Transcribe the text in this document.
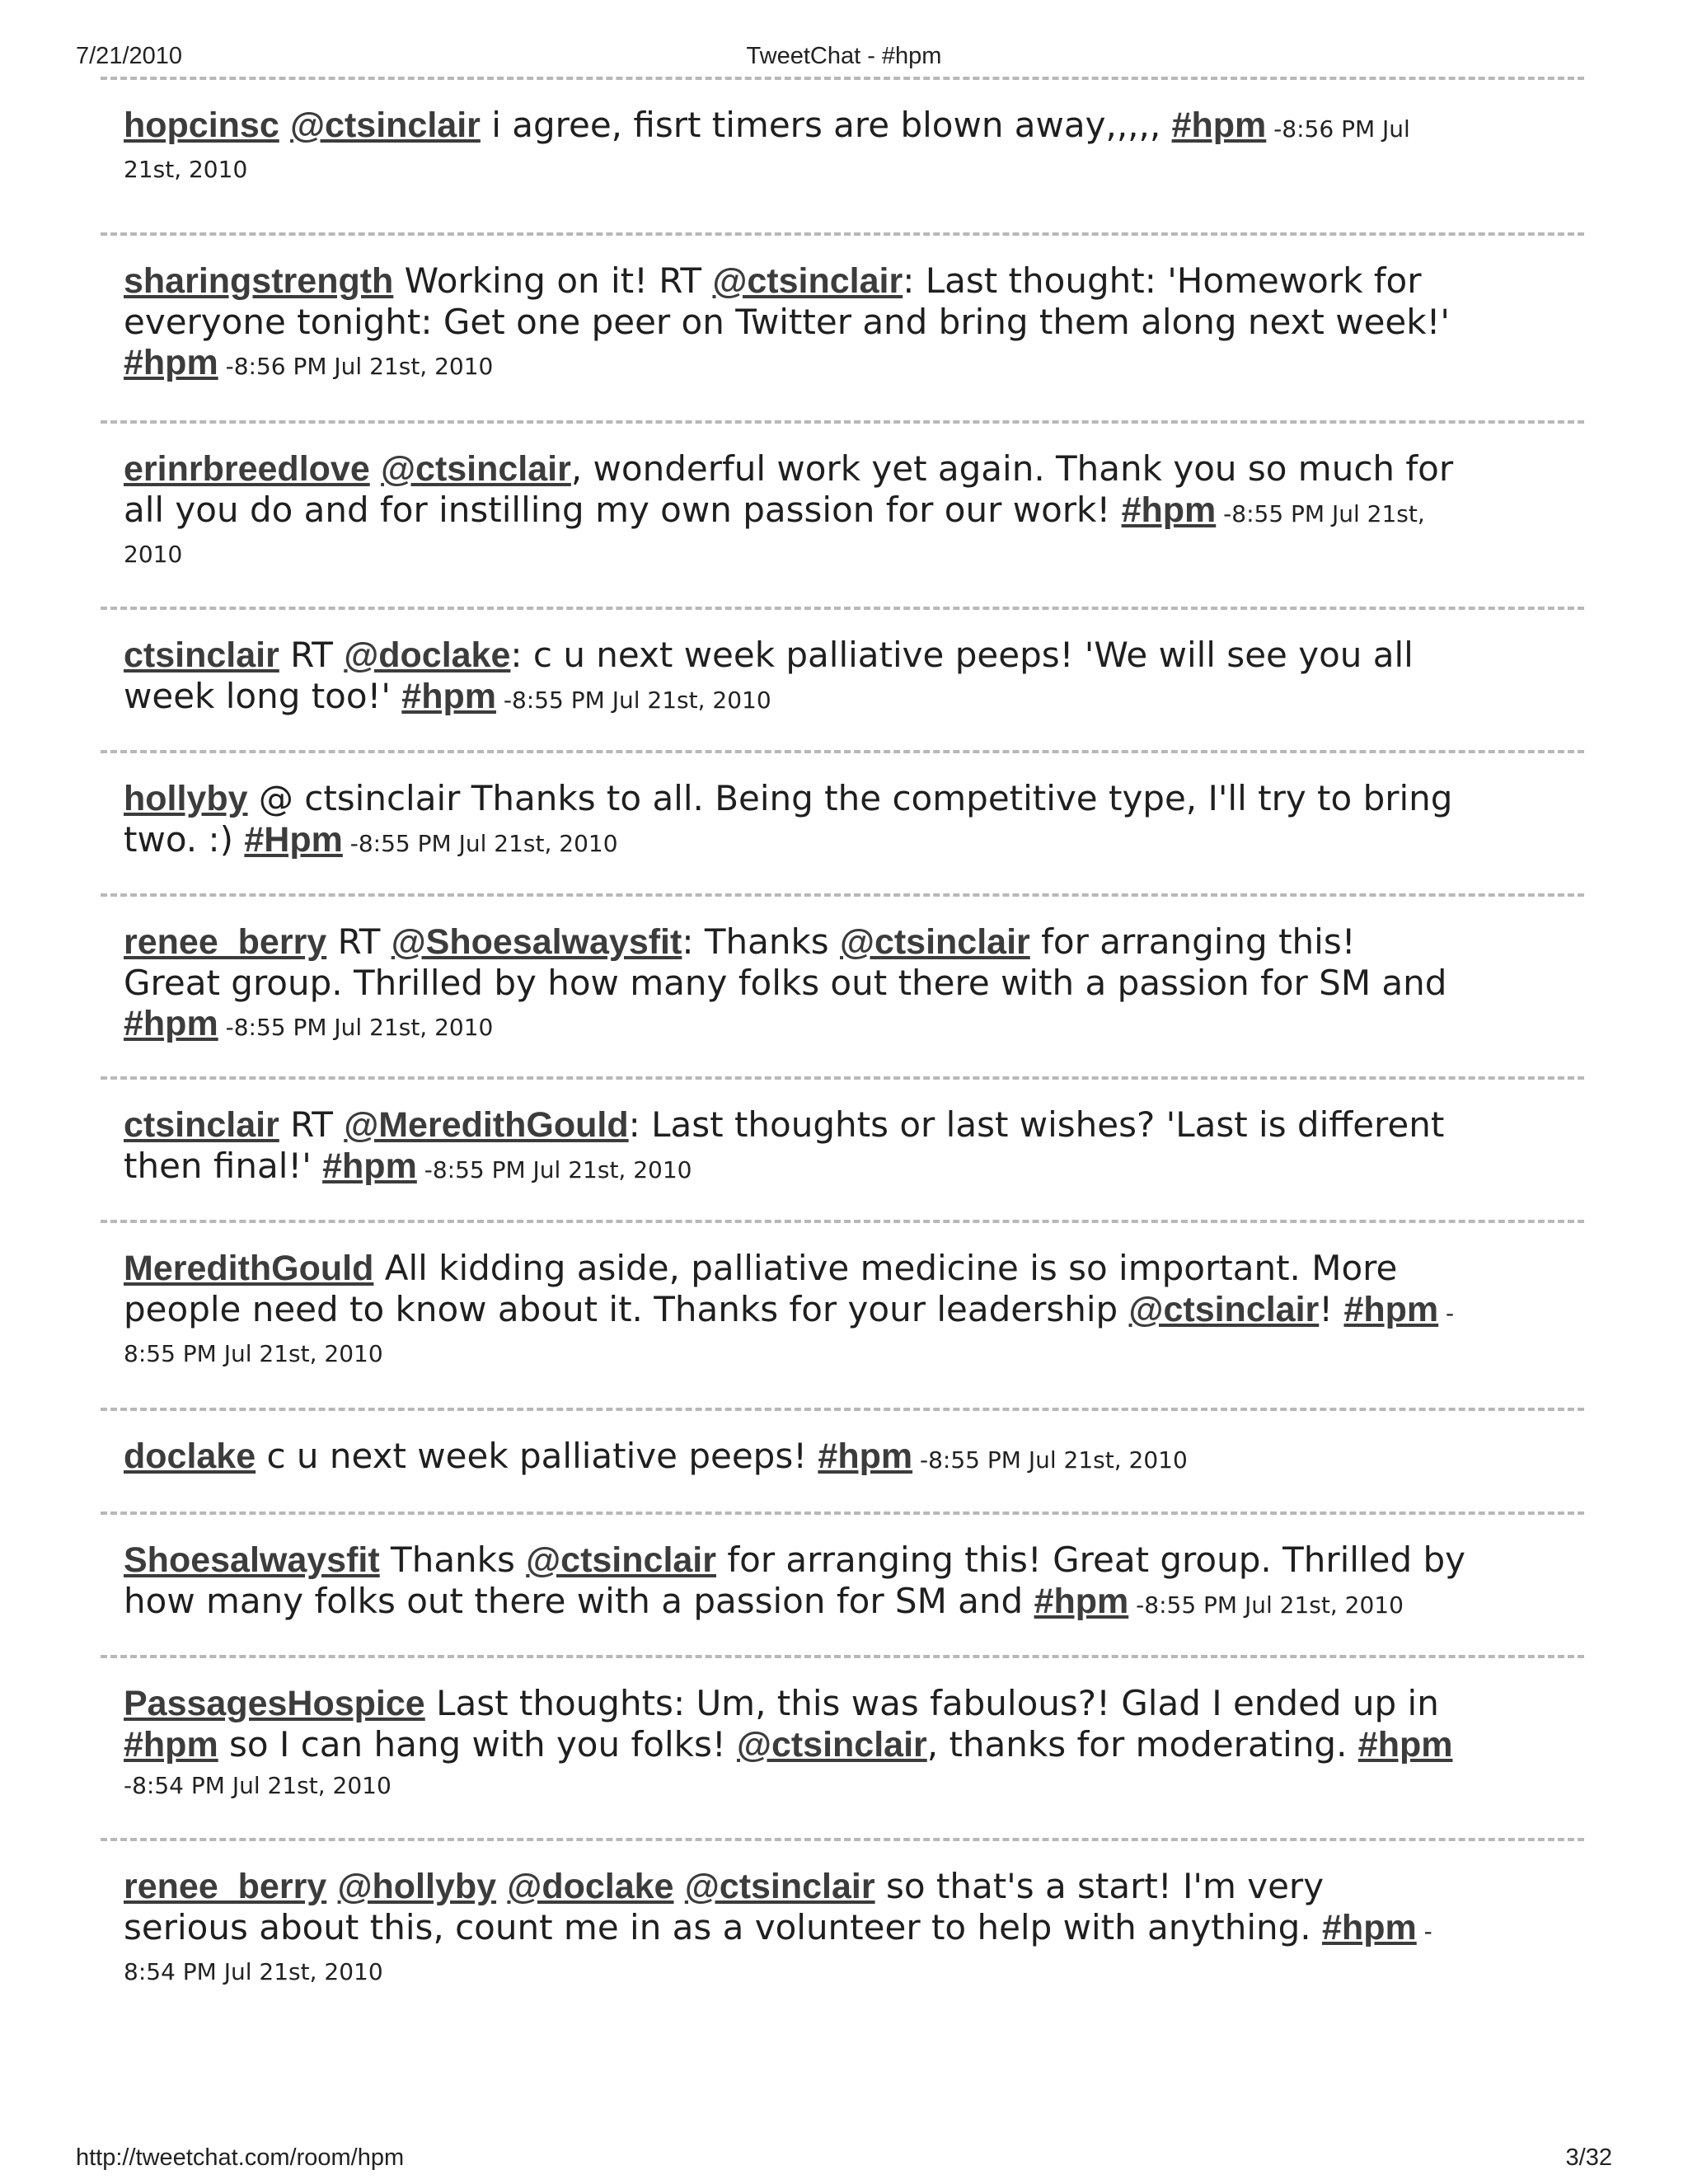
7/21/2010	TweetChat - #hpm
hopcinsc @ctsinclair i agree, fisrt timers are blown away,,,,, #hpm -8:56 PM Jul
21st, 2010
sharingstrength Working on it! RT @ctsinclair: Last thought: 'Homework for
everyone tonight: Get one peer on Twitter and bring them along next week!'
#hpm -8:56 PM Jul 21st, 2010
erinrbreedlove @ctsinclair, wonderful work yet again. Thank you so much for
all you do and for instilling my own passion for our work! #hpm -8:55 PM Jul 21st,
2010
ctsinclair RT @doclake: c u next week palliative peeps! 'We will see you all
week long too!' #hpm -8:55 PM Jul 21st, 2010
hollyby @ ctsinclair Thanks to all. Being the competitive type, I'll try to bring
two. :) #Hpm -8:55 PM Jul 21st, 2010
renee_berry RT @Shoesalwaysfit: Thanks @ctsinclair for arranging this!
Great group. Thrilled by how many folks out there with a passion for SM and
#hpm -8:55 PM Jul 21st, 2010
ctsinclair RT @MeredithGould: Last thoughts or last wishes? 'Last is different
then final!' #hpm -8:55 PM Jul 21st, 2010
MeredithGould All kidding aside, palliative medicine is so important. More
people need to know about it. Thanks for your leadership @ctsinclair! #hpm -
8:55 PM Jul 21st, 2010
doclake c u next week palliative peeps! #hpm -8:55 PM Jul 21st, 2010
Shoesalwaysfit Thanks @ctsinclair for arranging this! Great group. Thrilled by
how many folks out there with a passion for SM and #hpm -8:55 PM Jul 21st, 2010
PassagesHospice Last thoughts: Um, this was fabulous?! Glad I ended up in
#hpm so I can hang with you folks! @ctsinclair, thanks for moderating. #hpm
-8:54 PM Jul 21st, 2010
renee_berry @hollyby @doclake @ctsinclair so that's a start! I'm very
serious about this, count me in as a volunteer to help with anything. #hpm -
8:54 PM Jul 21st, 2010
http://tweetchat.com/room/hpm	3/32
